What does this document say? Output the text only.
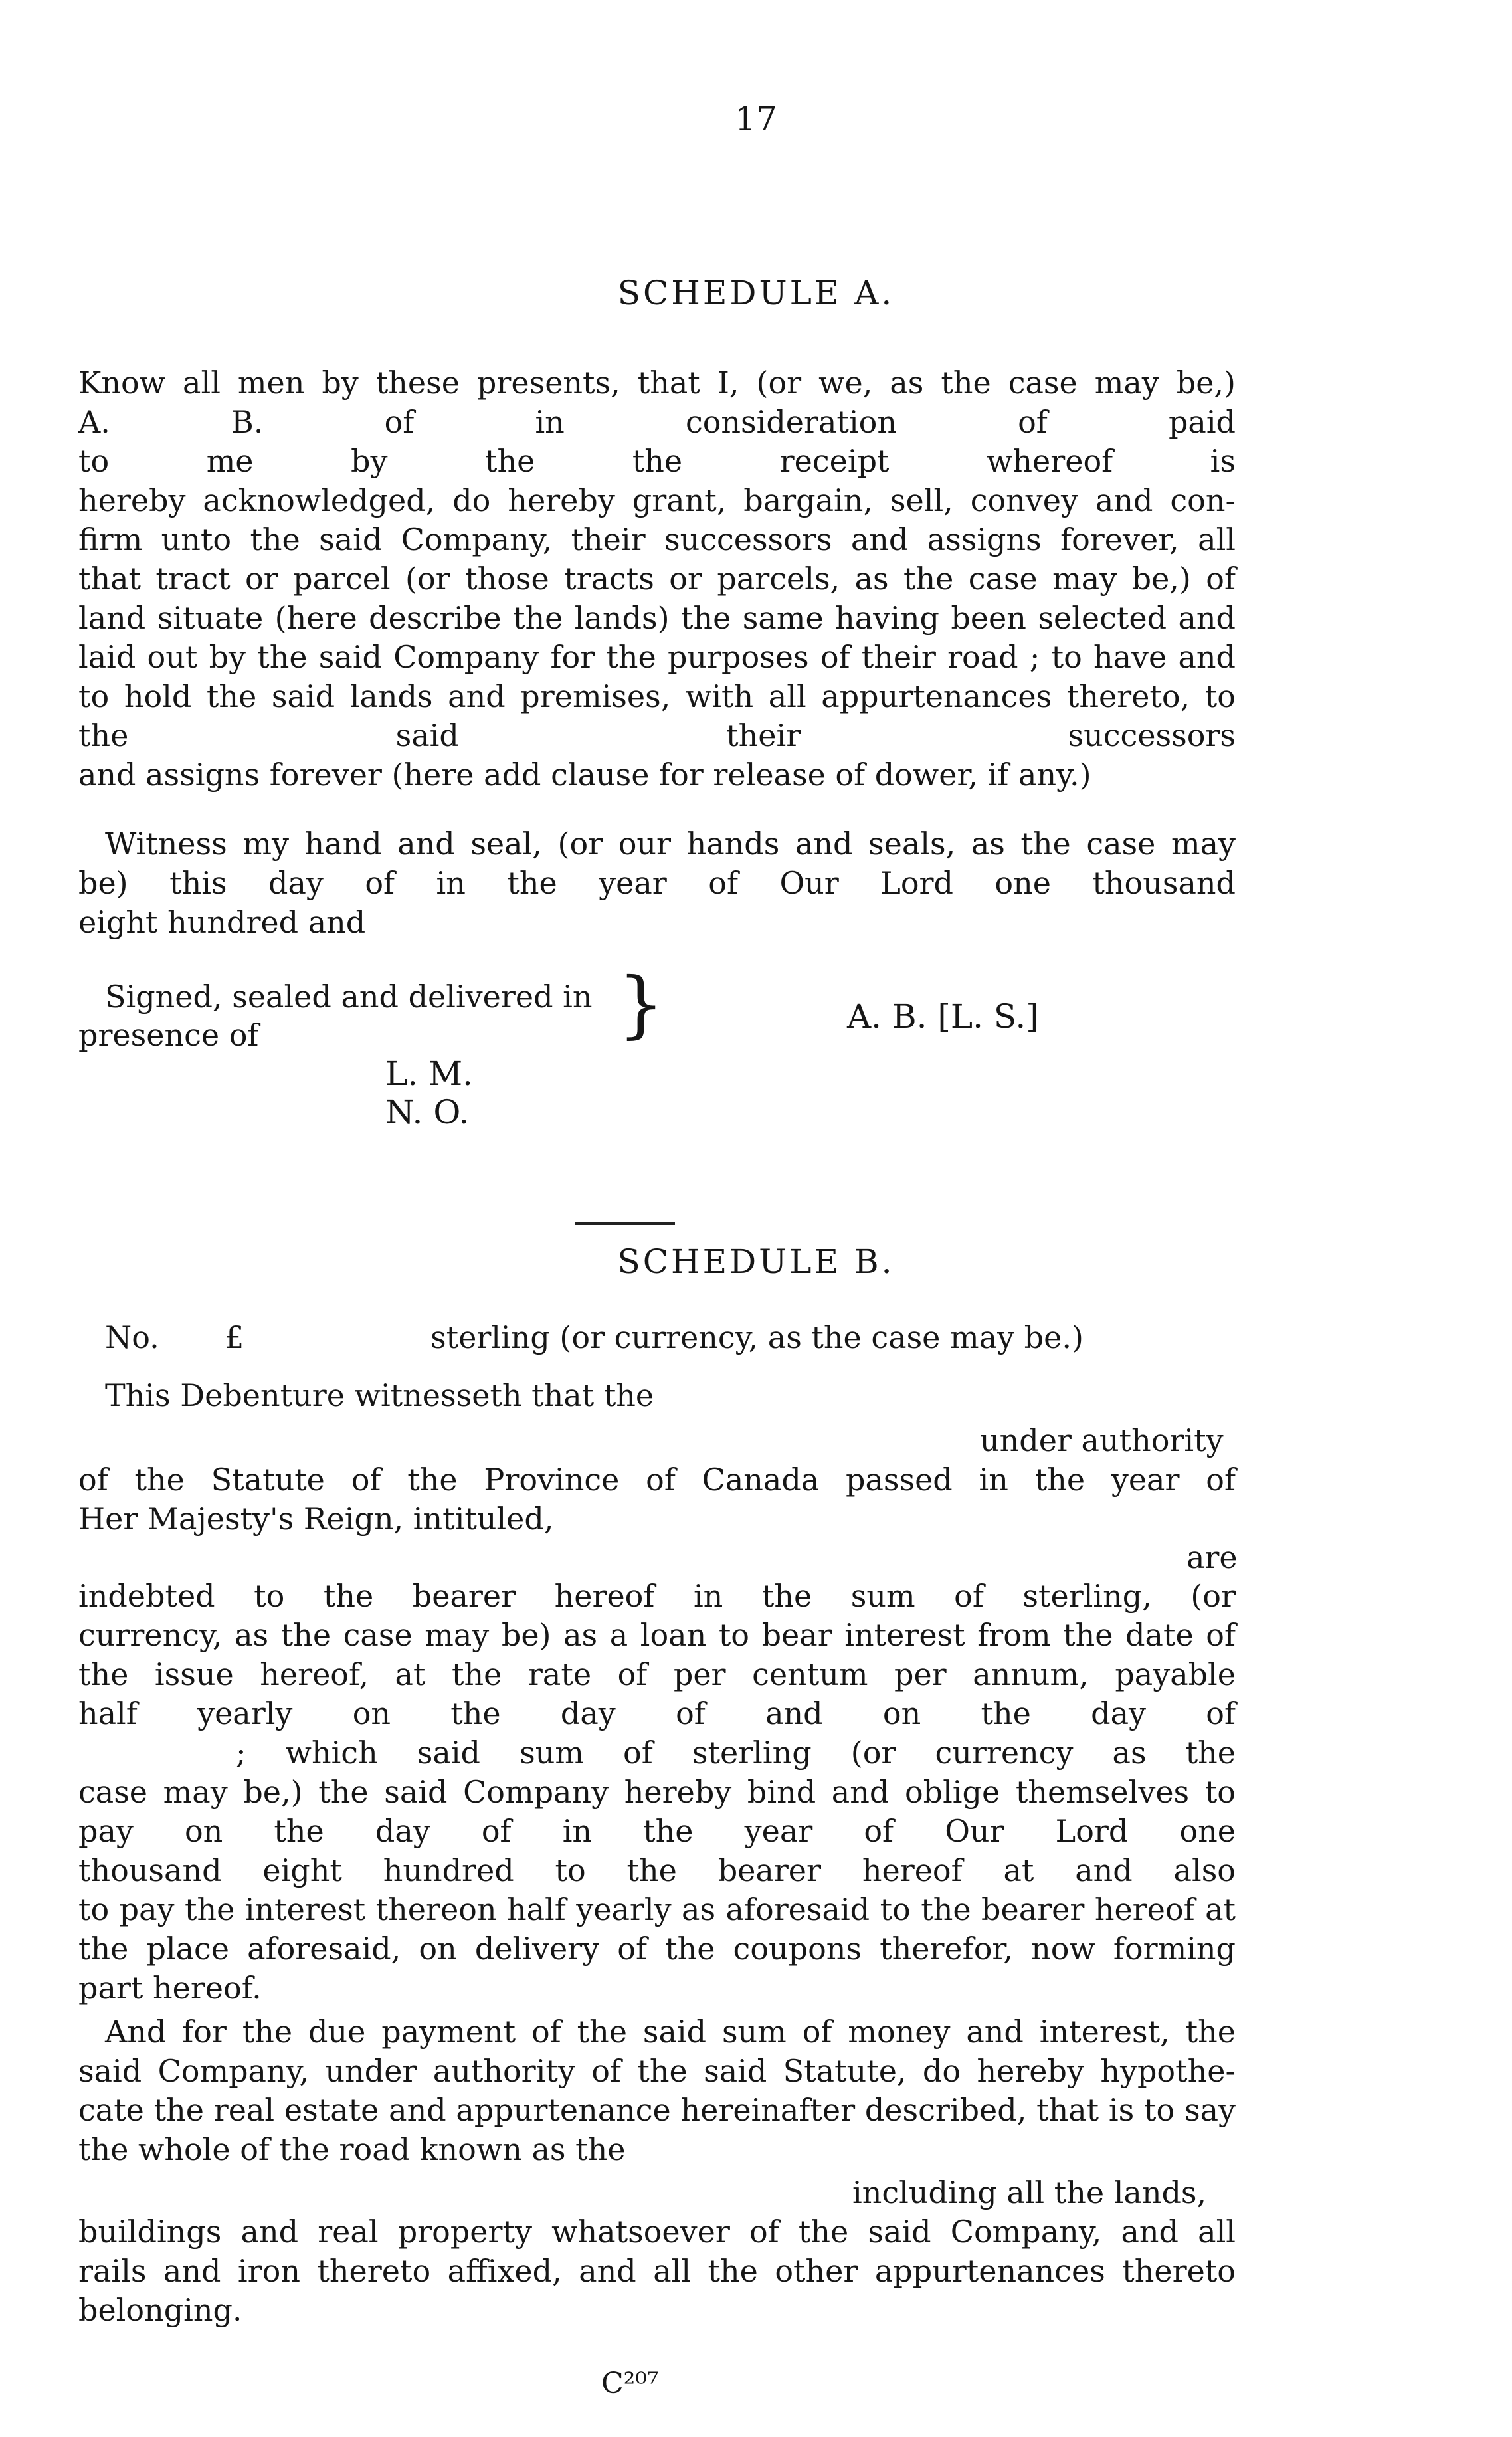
17
SCHEDULE A.
Know all men by these presents, that I, (or we, as the case may be,)
A. B. of in consideration of paid
to me by the the receipt whereof is
hereby acknowledged, do hereby grant, bargain, sell, convey and con-
firm unto the said Company, their successors and assigns forever, all
that tract or parcel (or those tracts or parcels, as the case may be,) of
land situate (here describe the lands) the same having been selected and
laid out by the said Company for the purposes of their road ; to have and
to hold the said lands and premises, with all appurtenances thereto, to
the said their successors
and assigns forever (here add clause for release of dower, if any.)
Witness my hand and seal, (or our hands and seals, as the case may
be) this day of in the year of Our Lord one thousand
eight hundred and
Signed, sealed and delivered in
presence of	}	A. B. [L. S.]
L. M.
N. O.
SCHEDULE B.
No. £	sterling (or currency, as the case may be.)
This Debenture witnesseth that the
under authority
of the Statute of the Province of Canada passed in the year of
Her Majesty's Reign, intituled,
are
indebted to the bearer hereof in the sum of sterling, (or
currency, as the case may be) as a loan to bear interest from the date of
the issue hereof, at the rate of per centum per annum, payable
half yearly on the day of and on the day of
; which said sum of sterling (or currency as the
case may be,) the said Company hereby bind and oblige themselves to
pay on the day of in the year of Our Lord one
thousand eight hundred to the bearer hereof at and also
to pay the interest thereon half yearly as aforesaid to the bearer hereof at
the place aforesaid, on delivery of the coupons therefor, now forming
part hereof.
And for the due payment of the said sum of money and interest, the
said Company, under authority of the said Statute, do hereby hypothe-
cate the real estate and appurtenance hereinafter described, that is to say
the whole of the road known as the
including all the lands,
buildings and real property whatsoever of the said Company, and all
rails and iron thereto affixed, and all the other appurtenances thereto
belonging.
C²⁰⁷
